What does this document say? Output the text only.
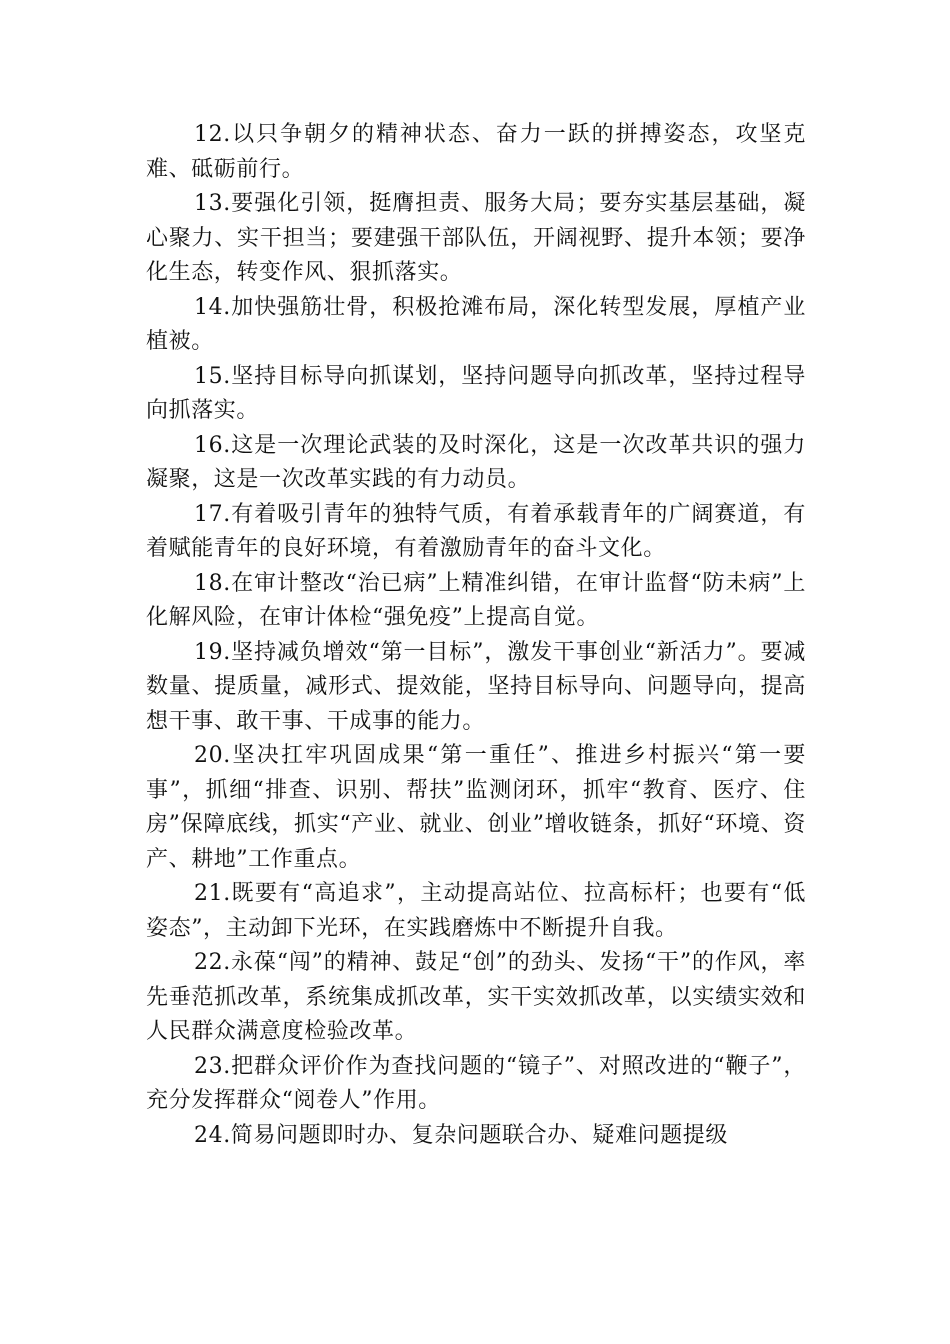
12.以只争朝夕的精神状态、奋力一跃的拼搏姿态，攻坚克难、砥砺前行。

13.要强化引领，挺膺担责、服务大局；要夯实基层基础，凝心聚力、实干担当；要建强干部队伍，开阔视野、提升本领；要净化生态，转变作风、狠抓落实。

14.加快强筋壮骨，积极抢滩布局，深化转型发展，厚植产业植被。

15.坚持目标导向抓谋划，坚持问题导向抓改革，坚持过程导向抓落实。

16.这是一次理论武装的及时深化，这是一次改革共识的强力凝聚，这是一次改革实践的有力动员。

17.有着吸引青年的独特气质，有着承载青年的广阔赛道，有着赋能青年的良好环境，有着激励青年的奋斗文化。

18.在审计整改“治已病”上精准纠错，在审计监督“防未病”上化解风险，在审计体检“强免疫”上提高自觉。

19.坚持减负增效“第一目标”，激发干事创业“新活力”。要减数量、提质量，减形式、提效能，坚持目标导向、问题导向，提高想干事、敢干事、干成事的能力。

20.坚决扛牢巩固成果“第一重任”、推进乡村振兴“第一要事”，抓细“排查、识别、帮扶”监测闭环，抓牢“教育、医疗、住房”保障底线，抓实“产业、就业、创业”增收链条，抓好“环境、资产、耕地”工作重点。

21.既要有“高追求”，主动提高站位、拉高标杆；也要有“低姿态”，主动卸下光环，在实践磨炼中不断提升自我。

22.永葆“闯”的精神、鼓足“创”的劲头、发扬“干”的作风，率先垂范抓改革，系统集成抓改革，实干实效抓改革，以实绩实效和人民群众满意度检验改革。

23.把群众评价作为查找问题的“镜子”、对照改进的“鞭子”，充分发挥群众“阅卷人”作用。

24.简易问题即时办、复杂问题联合办、疑难问题提级
